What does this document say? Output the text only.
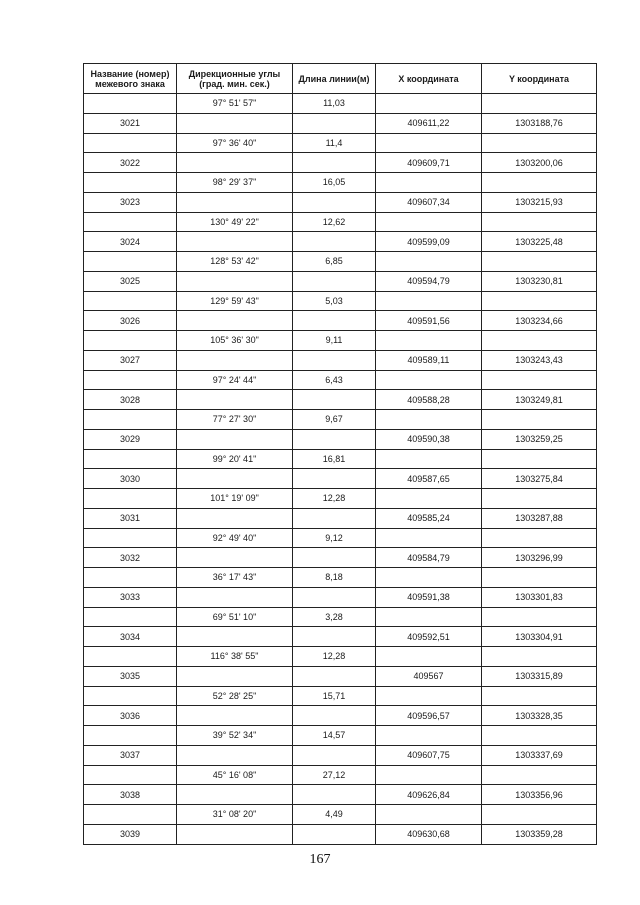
Название (номер) межевого знака	Дирекционные углы (град. мин. сек.)	Длина линии(м)	X координата	Y координата
	97° 51' 57"	11,03		
3021			409611,22	1303188,76
	97° 36' 40"	11,4		
3022			409609,71	1303200,06
	98° 29' 37"	16,05		
3023			409607,34	1303215,93
	130° 49' 22"	12,62		
3024			409599,09	1303225,48
	128° 53' 42"	6,85		
3025			409594,79	1303230,81
	129° 59' 43"	5,03		
3026			409591,56	1303234,66
	105° 36' 30"	9,11		
3027			409589,11	1303243,43
	97° 24' 44"	6,43		
3028			409588,28	1303249,81
	77° 27' 30"	9,67		
3029			409590,38	1303259,25
	99° 20' 41"	16,81		
3030			409587,65	1303275,84
	101° 19' 09"	12,28		
3031			409585,24	1303287,88
	92° 49' 40"	9,12		
3032			409584,79	1303296,99
	36° 17' 43"	8,18		
3033			409591,38	1303301,83
	69° 51' 10"	3,28		
3034			409592,51	1303304,91
	116° 38' 55"	12,28		
3035			409567	1303315,89
	52° 28' 25"	15,71		
3036			409596,57	1303328,35
	39° 52' 34"	14,57		
3037			409607,75	1303337,69
	45° 16' 08"	27,12		
3038			409626,84	1303356,96
	31° 08' 20"	4,49		
3039			409630,68	1303359,28
167
